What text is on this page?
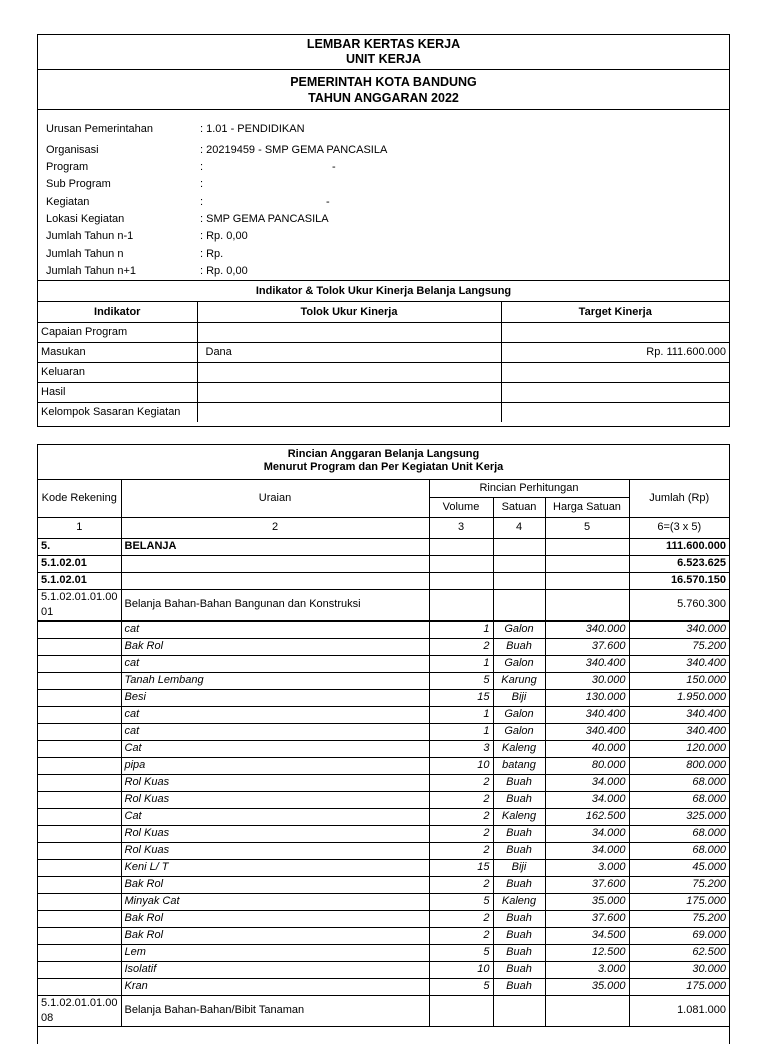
LEMBAR KERTAS KERJA
UNIT KERJA
PEMERINTAH KOTA BANDUNG
TAHUN ANGGARAN 2022
Urusan Pemerintahan	: 1.01 - PENDIDIKAN
Organisasi	: 20219459 - SMP GEMA PANCASILA
Program	:	-
Sub Program	:
Kegiatan	:	-
Lokasi Kegiatan	: SMP GEMA PANCASILA
Jumlah Tahun n-1	: Rp. 0,00
Jumlah Tahun n	: Rp.
Jumlah Tahun n+1	: Rp. 0,00
Indikator & Tolok Ukur Kinerja Belanja Langsung
Indikator	Tolok Ukur Kinerja	Target Kinerja
Capaian Program		
Masukan	Dana	Rp. 111.600.000
Keluaran		
Hasil		
Kelompok Sasaran Kegiatan		
Rincian Anggaran Belanja Langsung
Menurut Program dan Per Kegiatan Unit Kerja
Kode Rekening	Uraian	Rincian Perhitungan			Jumlah (Rp)
		Volume	Satuan	Harga Satuan	
1	2	3	4	5	6=(3 x 5)
5.	BELANJA				111.600.000
5.1.02.01					6.523.625
5.1.02.01					16.570.150
5.1.02.01.01.00 01	Belanja Bahan-Bahan Bangunan dan Konstruksi				5.760.300
	cat	1	Galon	340.000	340.000
	Bak Rol	2	Buah	37.600	75.200
	cat	1	Galon	340.400	340.400
	Tanah Lembang	5	Karung	30.000	150.000
	Besi	15	Biji	130.000	1.950.000
	cat	1	Galon	340.400	340.400
	cat	1	Galon	340.400	340.400
	Cat	3	Kaleng	40.000	120.000
	pipa	10	batang	80.000	800.000
	Rol Kuas	2	Buah	34.000	68.000
	Rol Kuas	2	Buah	34.000	68.000
	Cat	2	Kaleng	162.500	325.000
	Rol Kuas	2	Buah	34.000	68.000
	Rol Kuas	2	Buah	34.000	68.000
	Keni L/ T	15	Biji	3.000	45.000
	Bak Rol	2	Buah	37.600	75.200
	Minyak Cat	5	Kaleng	35.000	175.000
	Bak Rol	2	Buah	37.600	75.200
	Bak Rol	2	Buah	34.500	69.000
	Lem	5	Buah	12.500	62.500
	Isolatif	10	Buah	3.000	30.000
	Kran	5	Buah	35.000	175.000
5.1.02.01.01.00 08	Belanja Bahan-Bahan/Bibit Tanaman				1.081.000
